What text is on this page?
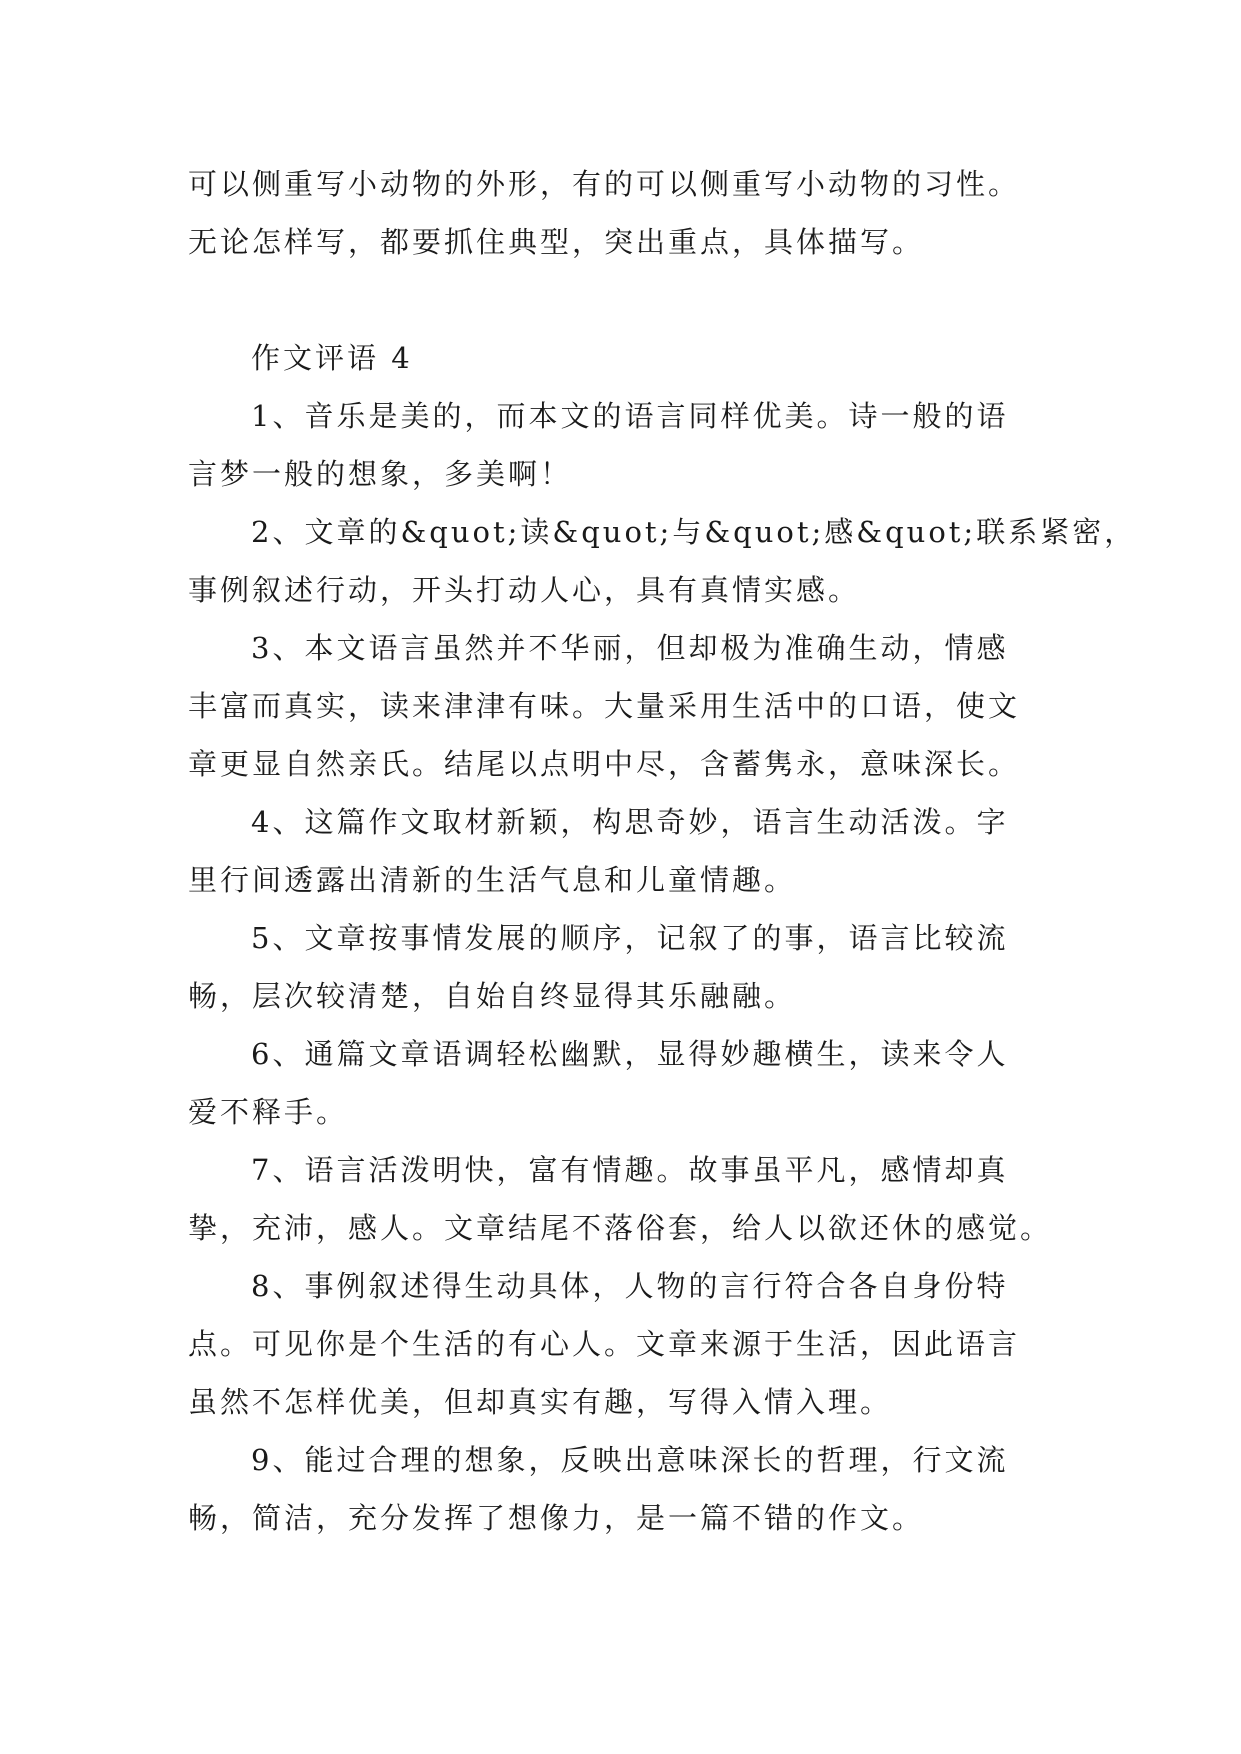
可以侧重写小动物的外形，有的可以侧重写小动物的习性。
无论怎样写，都要抓住典型，突出重点，具体描写。

作文评语 4

1、音乐是美的，而本文的语言同样优美。诗一般的语
言梦一般的想象，多美啊！

2、文章的&quot;读&quot;与&quot;感&quot;联系紧密，
事例叙述行动，开头打动人心，具有真情实感。

3、本文语言虽然并不华丽，但却极为准确生动，情感
丰富而真实，读来津津有味。大量采用生活中的口语，使文
章更显自然亲氏。结尾以点明中尽，含蓄隽永，意味深长。

4、这篇作文取材新颖，构思奇妙，语言生动活泼。字
里行间透露出清新的生活气息和儿童情趣。

5、文章按事情发展的顺序，记叙了的事，语言比较流
畅，层次较清楚，自始自终显得其乐融融。

6、通篇文章语调轻松幽默，显得妙趣横生，读来令人
爱不释手。

7、语言活泼明快，富有情趣。故事虽平凡，感情却真
挚，充沛，感人。文章结尾不落俗套，给人以欲还休的感觉。

8、事例叙述得生动具体，人物的言行符合各自身份特
点。可见你是个生活的有心人。文章来源于生活，因此语言
虽然不怎样优美，但却真实有趣，写得入情入理。

9、能过合理的想象，反映出意味深长的哲理，行文流
畅，简洁，充分发挥了想像力，是一篇不错的作文。
